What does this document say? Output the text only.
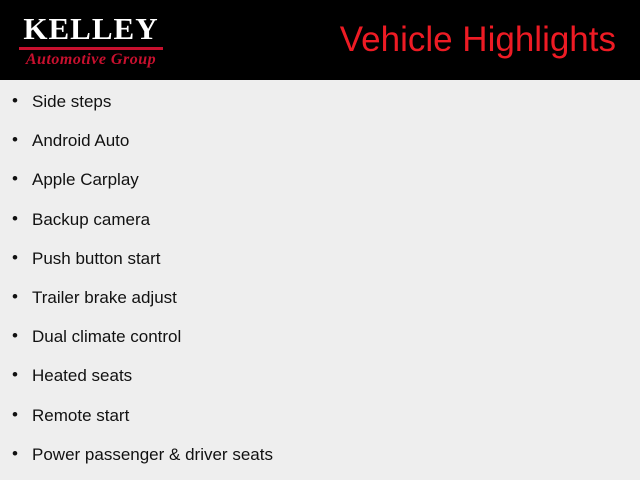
KELLEY
Automotive Group
Vehicle Highlights
• Side steps
• Android Auto
• Apple Carplay
• Backup camera
• Push button start
• Trailer brake adjust
• Dual climate control
• Heated seats
• Remote start
• Power passenger & driver seats
